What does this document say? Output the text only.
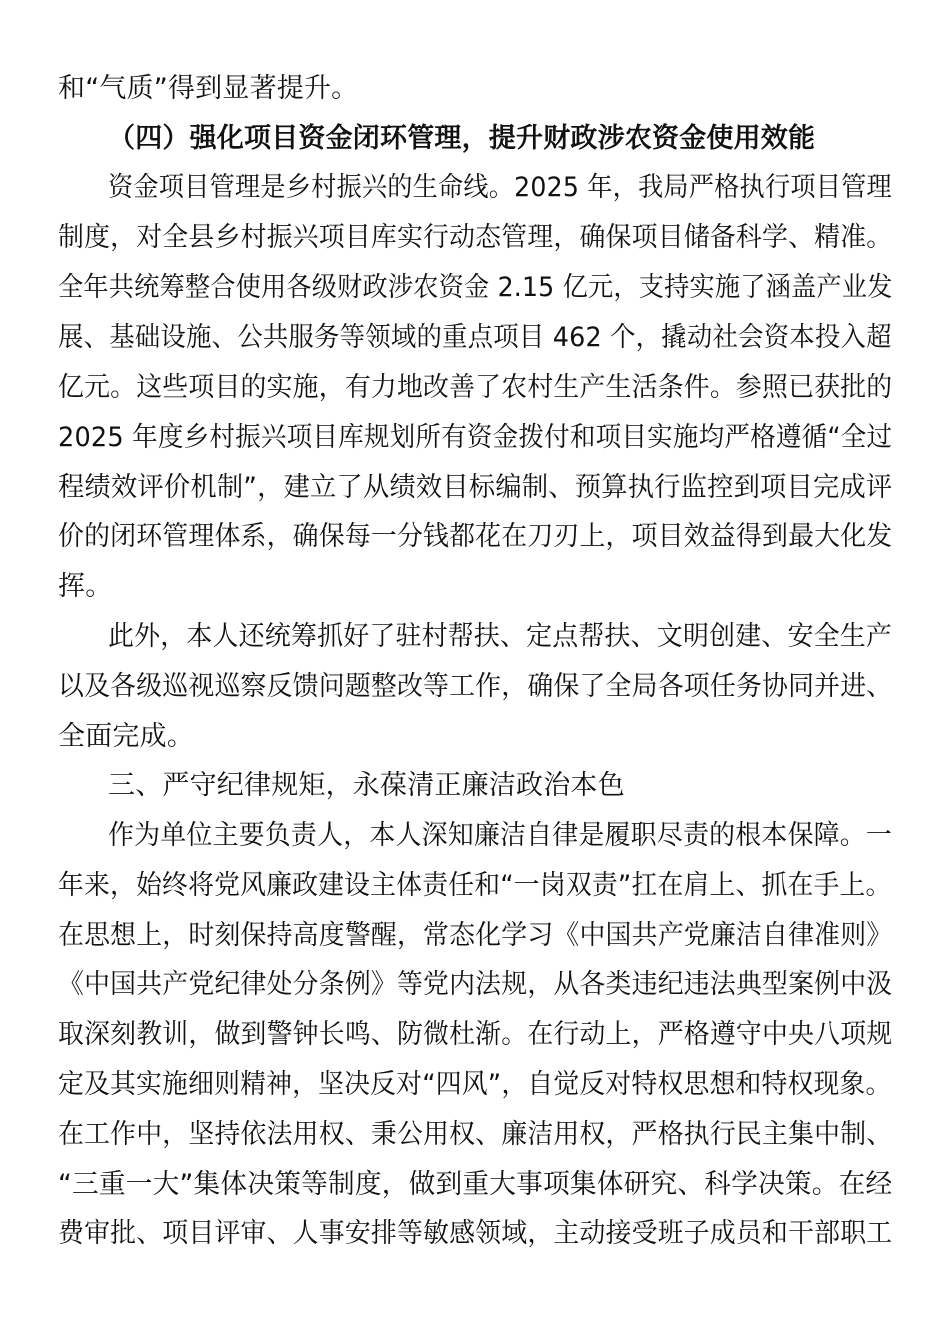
和“气质”得到显著提升。
（四）强化项目资金闭环管理，提升财政涉农资金使用效能
资金项目管理是乡村振兴的生命线。2025 年，我局严格执行项目管理
制度，对全县乡村振兴项目库实行动态管理，确保项目储备科学、精准。
全年共统筹整合使用各级财政涉农资金 2.15 亿元，支持实施了涵盖产业发
展、基础设施、公共服务等领域的重点项目 462 个，撬动社会资本投入超
亿元。这些项目的实施，有力地改善了农村生产生活条件。参照已获批的
2025 年度乡村振兴项目库规划所有资金拨付和项目实施均严格遵循“全过
程绩效评价机制”，建立了从绩效目标编制、预算执行监控到项目完成评
价的闭环管理体系，确保每一分钱都花在刀刃上，项目效益得到最大化发
挥。
此外，本人还统筹抓好了驻村帮扶、定点帮扶、文明创建、安全生产
以及各级巡视巡察反馈问题整改等工作，确保了全局各项任务协同并进、
全面完成。
三、严守纪律规矩，永葆清正廉洁政治本色
作为单位主要负责人，本人深知廉洁自律是履职尽责的根本保障。一
年来，始终将党风廉政建设主体责任和“一岗双责”扛在肩上、抓在手上。
在思想上，时刻保持高度警醒，常态化学习《中国共产党廉洁自律准则》
《中国共产党纪律处分条例》等党内法规，从各类违纪违法典型案例中汲
取深刻教训，做到警钟长鸣、防微杜渐。在行动上，严格遵守中央八项规
定及其实施细则精神，坚决反对“四风”，自觉反对特权思想和特权现象。
在工作中，坚持依法用权、秉公用权、廉洁用权，严格执行民主集中制、
“三重一大”集体决策等制度，做到重大事项集体研究、科学决策。在经
费审批、项目评审、人事安排等敏感领域，主动接受班子成员和干部职工
